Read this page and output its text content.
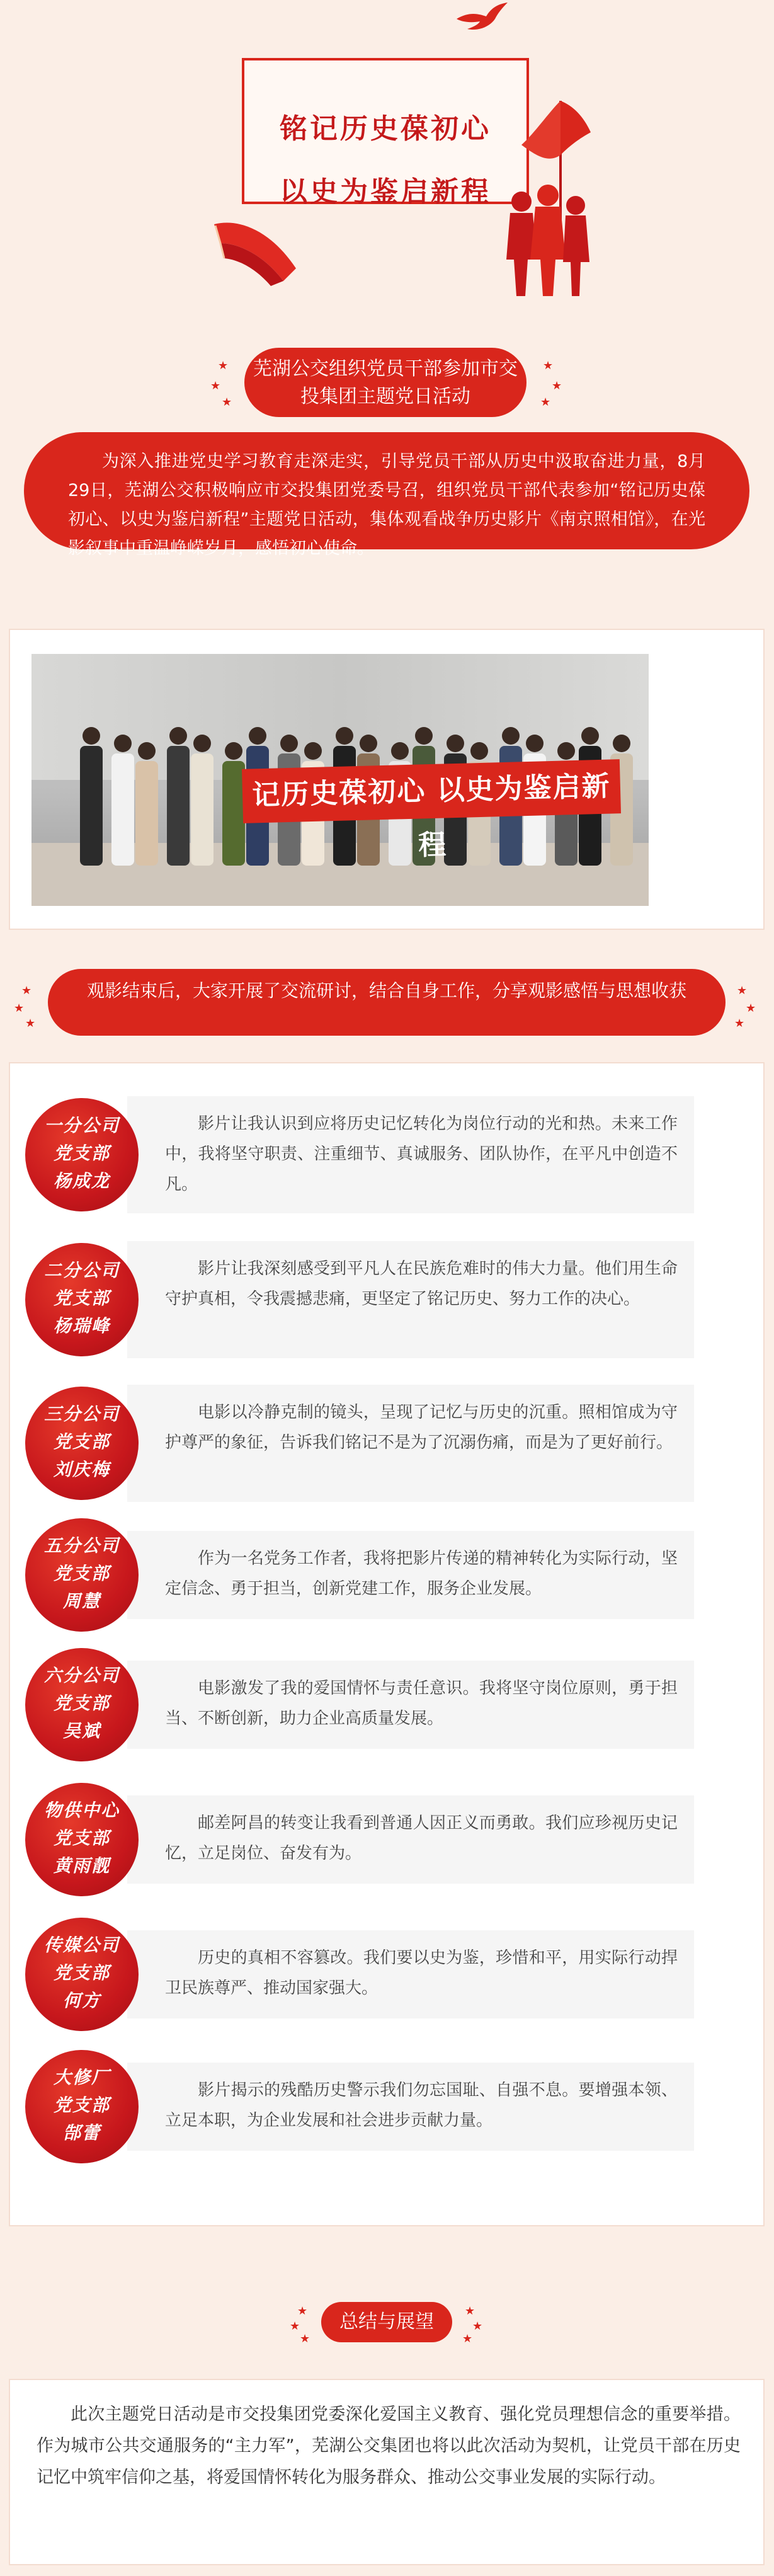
铭记历史葆初心
以史为鉴启新程
★
★
★
★
★
★
芜湖公交组织党员干部参加市交投集团主题党日活动
为深入推进党史学习教育走深走实，引导党员干部从历史中汲取奋进力量，8月29日，芜湖公交积极响应市交投集团党委号召，组织党员干部代表参加“铭记历史葆初心、以史为鉴启新程”主题党日活动，集体观看战争历史影片《南京照相馆》，在光影叙事中重温峥嵘岁月，感悟初心使命。
记历史葆初心 以史为鉴启新程
★
★
★
★
★
★
观影结束后，大家开展了交流研讨，结合自身工作，分享观影感悟与思想收获
影片让我认识到应将历史记忆转化为岗位行动的光和热。未来工作中，我将坚守职责、注重细节、真诚服务、团队协作，在平凡中创造不凡。
一分公司
党支部
杨成龙
影片让我深刻感受到平凡人在民族危难时的伟大力量。他们用生命守护真相，令我震撼悲痛，更坚定了铭记历史、努力工作的决心。
二分公司
党支部
杨瑞峰
电影以冷静克制的镜头，呈现了记忆与历史的沉重。照相馆成为守护尊严的象征，告诉我们铭记不是为了沉溺伤痛，而是为了更好前行。
三分公司
党支部
刘庆梅
作为一名党务工作者，我将把影片传递的精神转化为实际行动，坚定信念、勇于担当，创新党建工作，服务企业发展。
五分公司
党支部
周慧
电影激发了我的爱国情怀与责任意识。我将坚守岗位原则，勇于担当、不断创新，助力企业高质量发展。
六分公司
党支部
吴斌
邮差阿昌的转变让我看到普通人因正义而勇敢。我们应珍视历史记忆，立足岗位、奋发有为。
物供中心
党支部
黄雨靓
历史的真相不容篡改。我们要以史为鉴，珍惜和平，用实际行动捍卫民族尊严、推动国家强大。
传媒公司
党支部
何方
影片揭示的残酷历史警示我们勿忘国耻、自强不息。要增强本领、立足本职，为企业发展和社会进步贡献力量。
大修厂
党支部
郜蕾
★
★
★
★
★
★
总结与展望
此次主题党日活动是市交投集团党委深化爱国主义教育、强化党员理想信念的重要举措。作为城市公共交通服务的“主力军”，芜湖公交集团也将以此次活动为契机，让党员干部在历史记忆中筑牢信仰之基，将爱国情怀转化为服务群众、推动公交事业发展的实际行动。
